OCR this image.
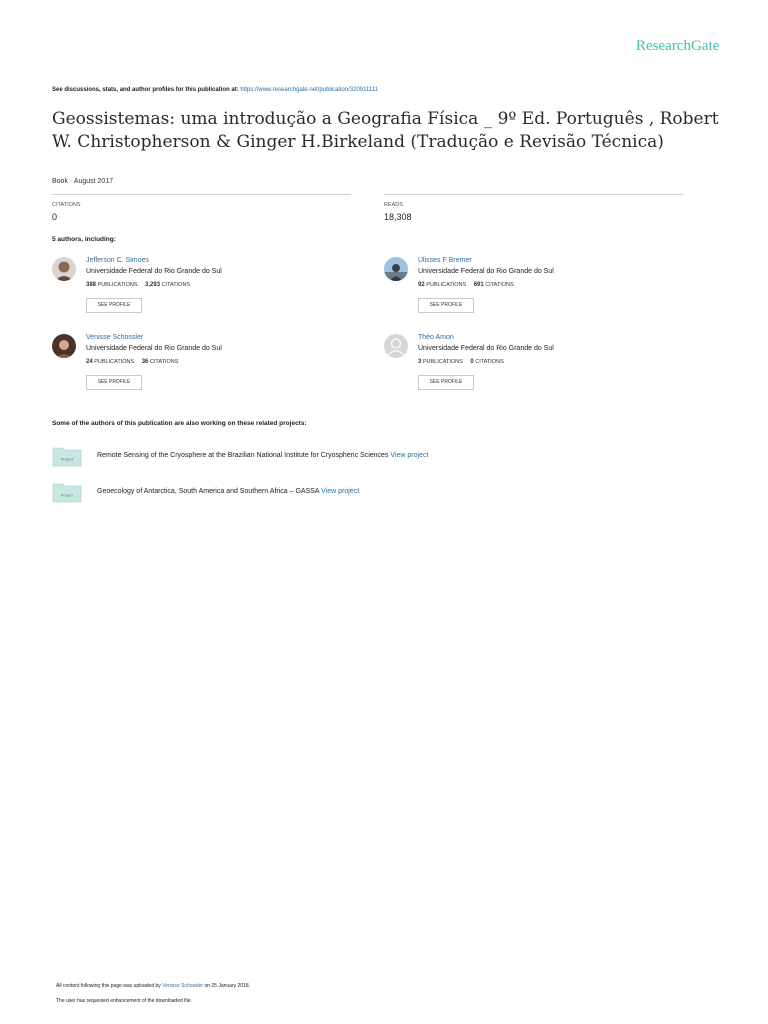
ResearchGate
See discussions, stats, and author profiles for this publication at: https://www.researchgate.net/publication/320911111
Geossistemas: uma introdução a Geografia Física _ 9º Ed. Português , Robert W. Christopherson & Ginger H.Birkeland (Tradução e Revisão Técnica)
Book · August 2017
CITATIONS
0
READS
18,308
5 authors, including:
Jefferson C. Simoes
Universidade Federal do Rio Grande do Sul
388 PUBLICATIONS 3,293 CITATIONS
SEE PROFILE
Ulisses F Bremer
Universidade Federal do Rio Grande do Sul
92 PUBLICATIONS 691 CITATIONS
SEE PROFILE
Venisse Schossler
Universidade Federal do Rio Grande do Sul
24 PUBLICATIONS 36 CITATIONS
SEE PROFILE
Théo Amon
Universidade Federal do Rio Grande do Sul
3 PUBLICATIONS 0 CITATIONS
SEE PROFILE
Some of the authors of this publication are also working on these related projects:
Project	Remote Sensing of the Cryosphere at the Brazilian National Institute for Cryospheric Sciences View project
Project	Geoecology of Antarctica, South America and Southern Africa – GASSA View project
All content following this page was uploaded by Venisse Schossler on 25 January 2018.
The user has requested enhancement of the downloaded file.
